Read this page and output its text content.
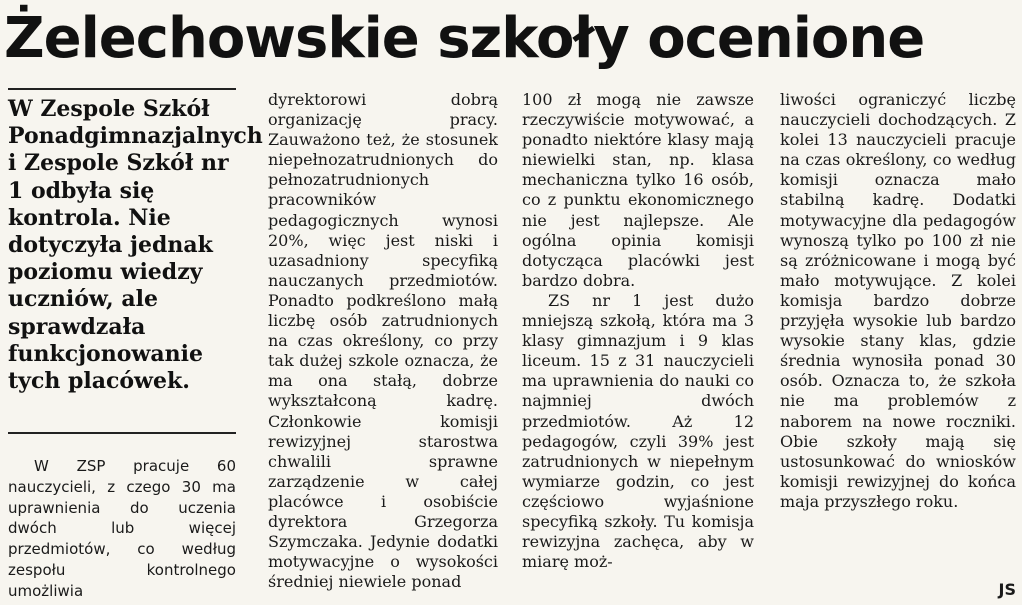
Żelechowskie szkoły ocenione
W Zespole Szkół Ponadgimnazjalnych i Zespole Szkół nr 1 odbyła się kontrola. Nie dotyczyła jednak poziomu wiedzy uczniów, ale sprawdzała funkcjonowanie tych placówek.
W ZSP pracuje 60 nauczycieli, z czego 30 ma uprawnienia do uczenia dwóch lub więcej przedmiotów, co według zespołu kontrolnego umożliwia
dyrektorowi dobrą organizację pracy. Zauważono też, że stosunek niepełnozatrudnionych do pełnozatrudnionych pracowników pedagogicznych wynosi 20%, więc jest niski i uzasadniony specyfiką nauczanych przedmiotów. Ponadto podkreślono małą liczbę osób zatrudnionych na czas określony, co przy tak dużej szkole oznacza, że ma ona stałą, dobrze wykształconą kadrę. Członkowie komisji rewizyjnej starostwa chwalili sprawne zarządzenie w całej placówce i osobiście dyrektora Grzegorza Szymczaka. Jedynie dodatki motywacyjne o wysokości średniej niewiele ponad

100 zł mogą nie zawsze rzeczywiście motywować, a ponadto niektóre klasy mają niewielki stan, np. klasa mechaniczna tylko 16 osób, co z punktu ekonomicznego nie jest najlepsze. Ale ogólna opinia komisji dotycząca placówki jest bardzo dobra.

ZS nr 1 jest dużo mniejszą szkołą, która ma 3 klasy gimnazjum i 9 klas liceum. 15 z 31 nauczycieli ma uprawnienia do nauki co najmniej dwóch przedmiotów. Aż 12 pedagogów, czyli 39% jest zatrudnionych w niepełnym wymiarze godzin, co jest częściowo wyjaśnione specyfiką szkoły. Tu komisja rewizyjna zachęca, aby w miarę moż-

liwości ograniczyć liczbę nauczycieli dochodzących. Z kolei 13 nauczycieli pracuje na czas określony, co według komisji oznacza mało stabilną kadrę. Dodatki motywacyjne dla pedagogów wynoszą tylko po 100 zł nie są zróżnicowane i mogą być mało motywujące. Z kolei komisja bardzo dobrze przyjęła wysokie lub bardzo wysokie stany klas, gdzie średnia wynosiła ponad 30 osób. Oznacza to, że szkoła nie ma problemów z naborem na nowe roczniki. Obie szkoły mają się ustosunkować do wniosków komisji rewizyjnej do końca maja przyszłego roku.
JS
